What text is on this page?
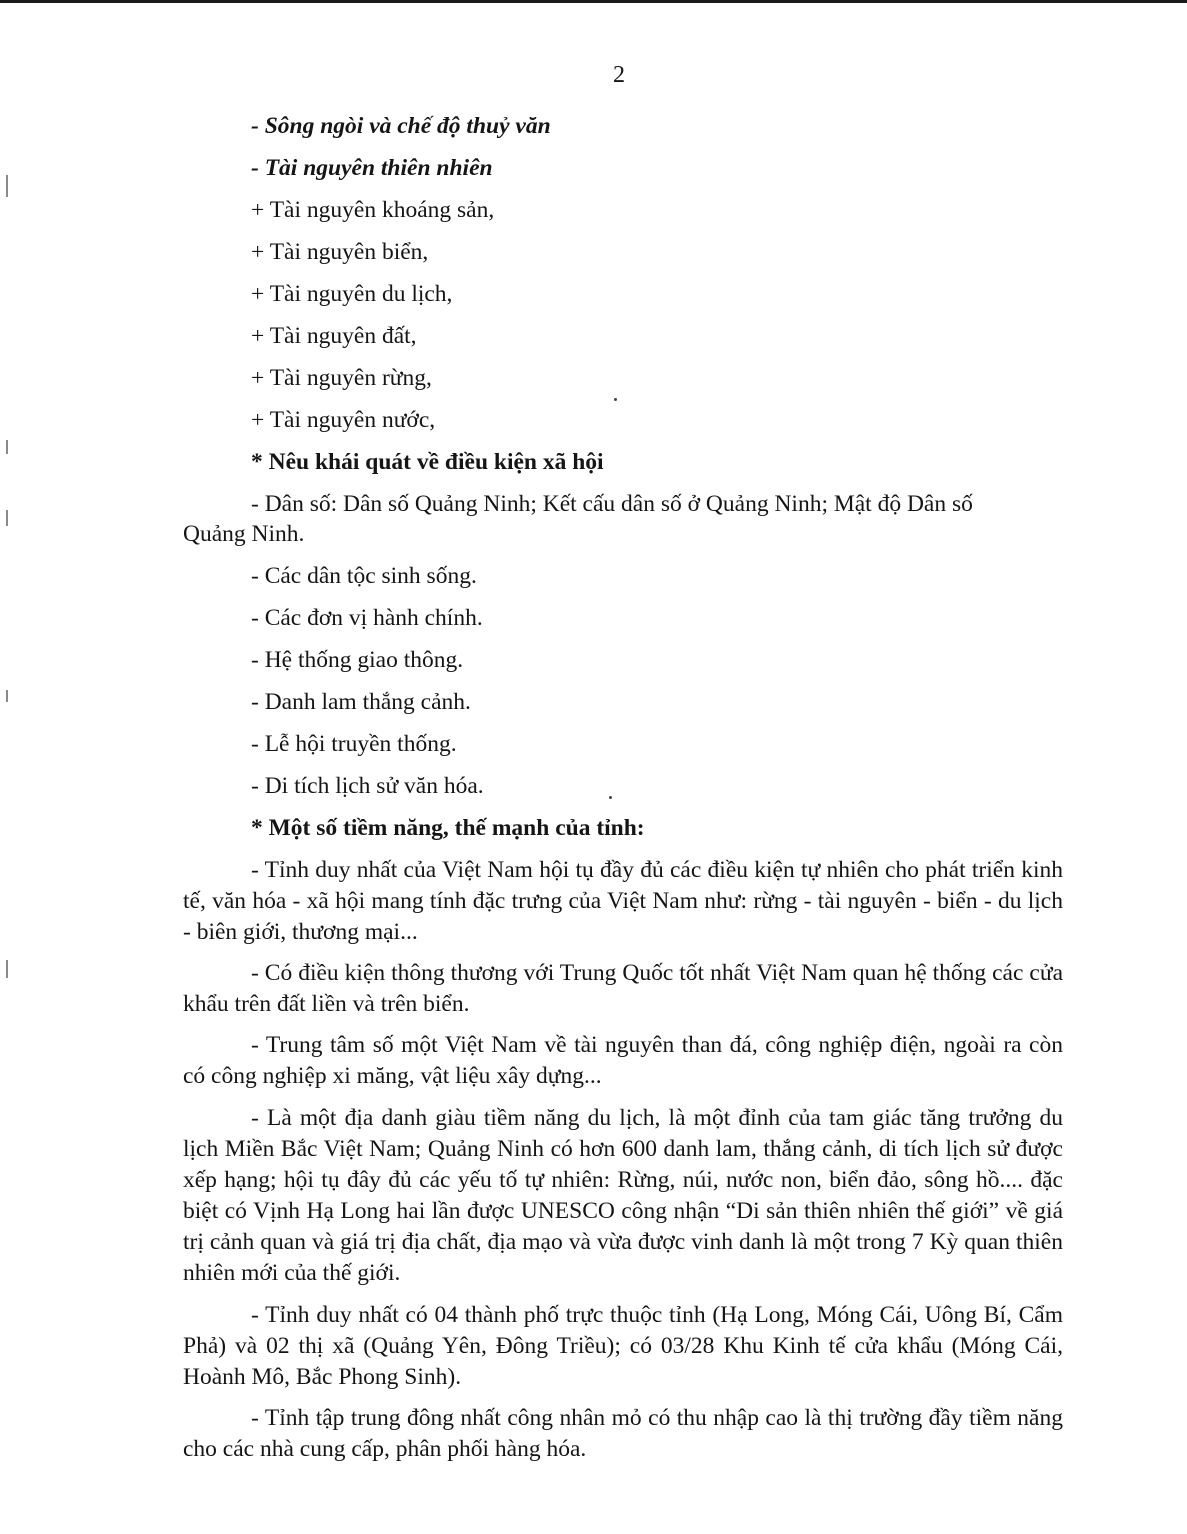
2
- Sông ngòi và chế độ thuỷ văn
- Tài nguyên thiên nhiên
+ Tài nguyên khoáng sản,
+ Tài nguyên biển,
+ Tài nguyên du lịch,
+ Tài nguyên đất,
+ Tài nguyên rừng,
+ Tài nguyên nước,
* Nêu khái quát về điều kiện xã hội
- Dân số: Dân số Quảng Ninh; Kết cấu dân số ở Quảng Ninh; Mật độ Dân số
Quảng Ninh.
- Các dân tộc sinh sống.
- Các đơn vị hành chính.
- Hệ thống giao thông.
- Danh lam thắng cảnh.
- Lễ hội truyền thống.
- Di tích lịch sử văn hóa.
* Một số tiềm năng, thế mạnh của tỉnh:
- Tỉnh duy nhất của Việt Nam hội tụ đầy đủ các điều kiện tự nhiên cho phát triển kinh tế, văn hóa - xã hội mang tính đặc trưng của Việt Nam như: rừng - tài nguyên - biển - du lịch - biên giới, thương mại...
- Có điều kiện thông thương với Trung Quốc tốt nhất Việt Nam quan hệ thống các cửa khẩu trên đất liền và trên biển.
- Trung tâm số một Việt Nam về tài nguyên than đá, công nghiệp điện, ngoài ra còn có công nghiệp xi măng, vật liệu xây dựng...
- Là một địa danh giàu tiềm năng du lịch, là một đỉnh của tam giác tăng trưởng du lịch Miền Bắc Việt Nam; Quảng Ninh có hơn 600 danh lam, thắng cảnh, di tích lịch sử được xếp hạng; hội tụ đây đủ các yếu tố tự nhiên: Rừng, núi, nước non, biển đảo, sông hồ.... đặc biệt có Vịnh Hạ Long hai lần được UNESCO công nhận “Di sản thiên nhiên thế giới” về giá trị cảnh quan và giá trị địa chất, địa mạo và vừa được vinh danh là một trong 7 Kỳ quan thiên nhiên mới của thế giới.
- Tỉnh duy nhất có 04 thành phố trực thuộc tỉnh (Hạ Long, Móng Cái, Uông Bí, Cẩm Phả) và 02 thị xã (Quảng Yên, Đông Triều); có 03/28 Khu Kinh tế cửa khẩu (Móng Cái, Hoành Mô, Bắc Phong Sinh).
- Tỉnh tập trung đông nhất công nhân mỏ có thu nhập cao là thị trường đầy tiềm năng cho các nhà cung cấp, phân phối hàng hóa.
